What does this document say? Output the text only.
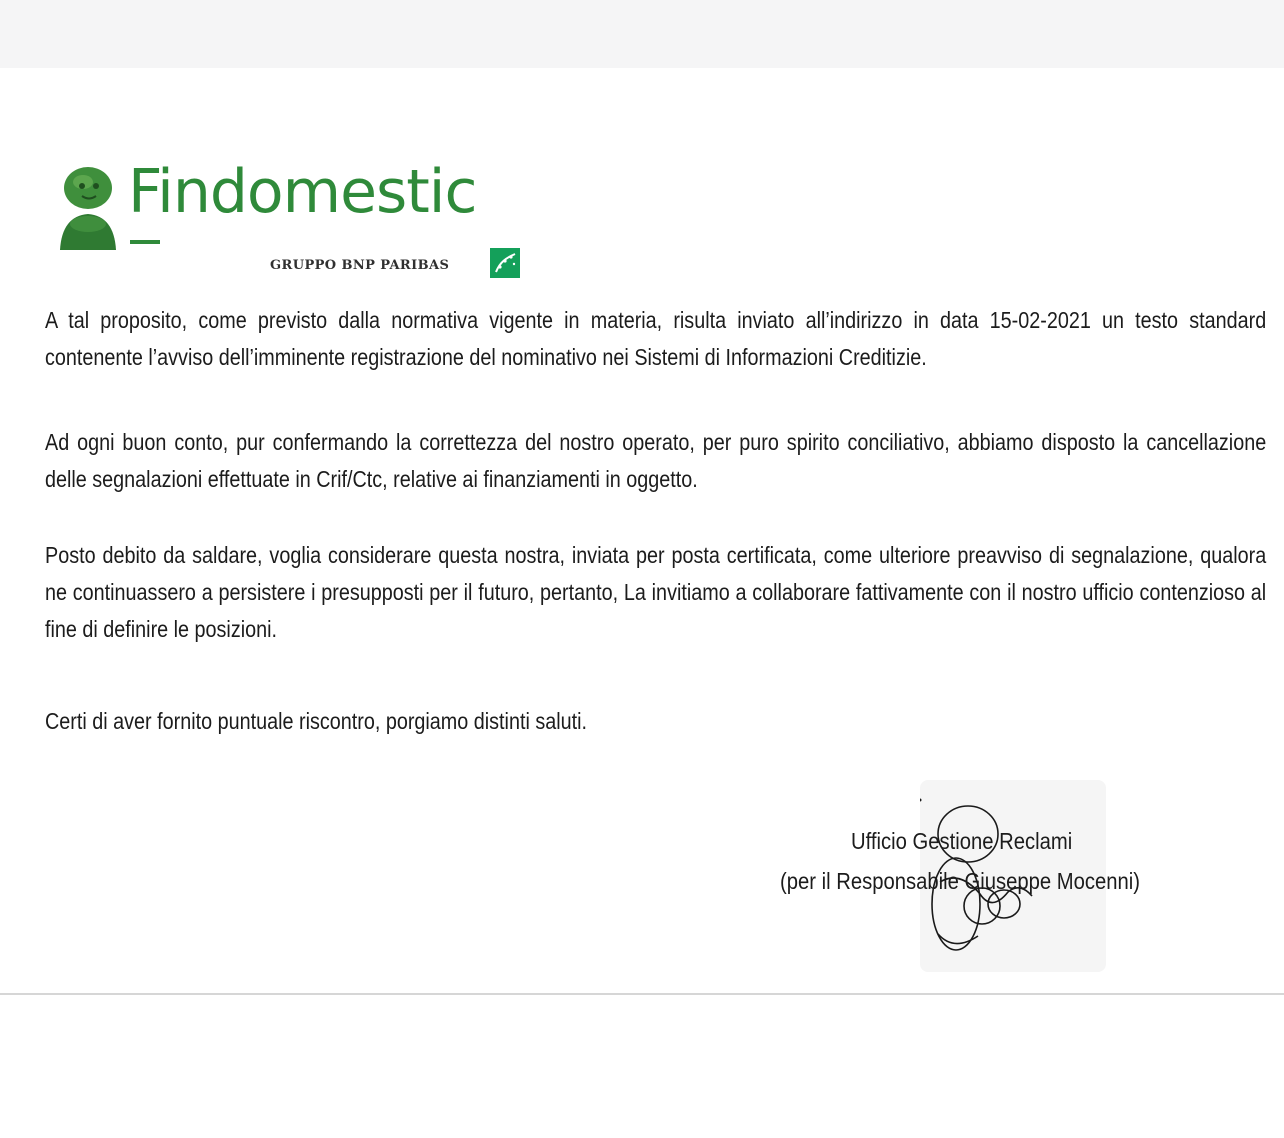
Findomestic
GRUPPO BNP PARIBAS
A tal proposito, come previsto dalla normativa vigente in materia, risulta inviato all’indirizzo in data 15-02-2021 un testo standard contenente l’avviso dell’imminente registrazione del nominativo nei Sistemi di Informazioni Creditizie.
Ad ogni buon conto, pur confermando la correttezza del nostro operato, per puro spirito conciliativo, abbiamo disposto la cancellazione delle segnalazioni effettuate in Crif/Ctc, relative ai finanziamenti in oggetto.
Posto debito da saldare, voglia considerare questa nostra, inviata per posta certificata, come ulteriore preavviso di segnalazione, qualora ne continuassero a persistere i presupposti per il futuro, pertanto, La invitiamo a collaborare fattivamente con il nostro ufficio contenzioso al fine di definire le posizioni.
Certi di aver fornito puntuale riscontro, porgiamo distinti saluti.
Ufficio Gestione Reclami
(per il Responsabile Giuseppe Mocenni)
